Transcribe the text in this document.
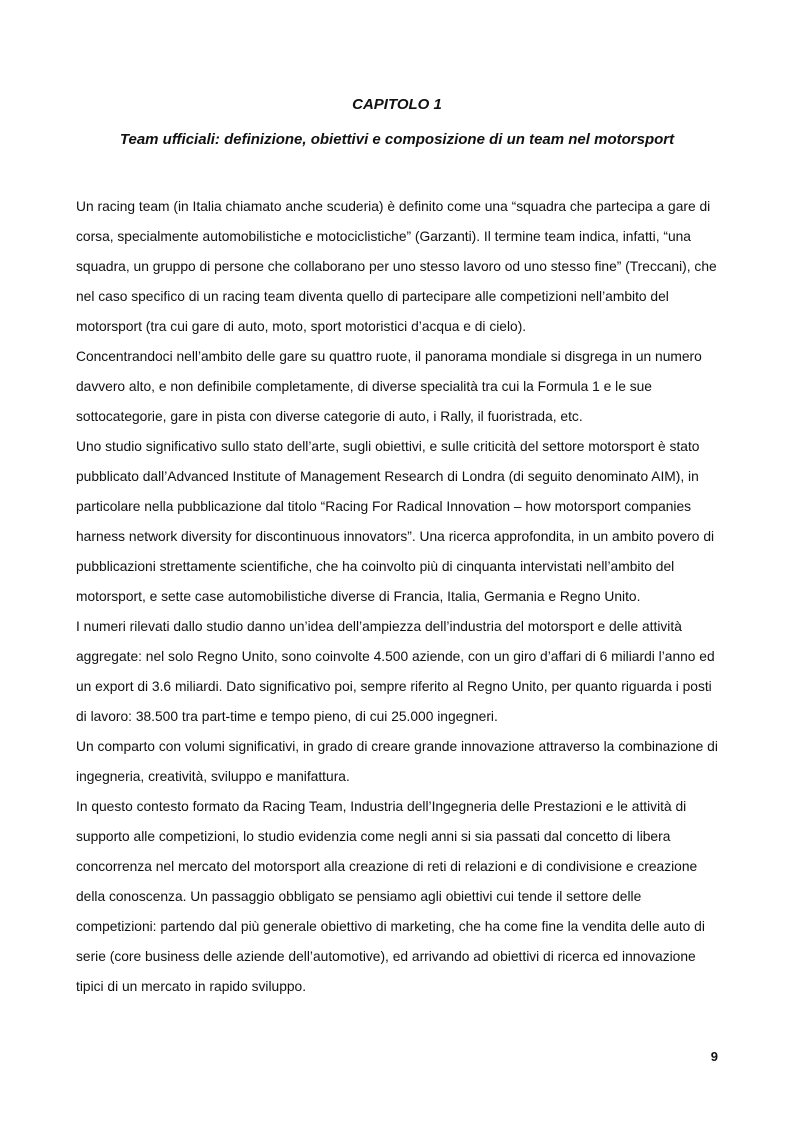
CAPITOLO 1
Team ufficiali: definizione, obiettivi e composizione di un team nel motorsport

Un racing team (in Italia chiamato anche scuderia) è definito come una “squadra che partecipa a gare di corsa, specialmente automobilistiche e motociclistiche” (Garzanti). Il termine team indica, infatti, “una squadra, un gruppo di persone che collaborano per uno stesso lavoro od uno stesso fine” (Treccani), che nel caso specifico di un racing team diventa quello di partecipare alle competizioni nell’ambito del motorsport (tra cui gare di auto, moto, sport motoristici d’acqua e di cielo).

Concentrandoci nell’ambito delle gare su quattro ruote, il panorama mondiale si disgrega in un numero davvero alto, e non definibile completamente, di diverse specialità tra cui la Formula 1 e le sue sottocategorie, gare in pista con diverse categorie di auto, i Rally, il fuoristrada, etc.

Uno studio significativo sullo stato dell’arte, sugli obiettivi, e sulle criticità del settore motorsport è stato pubblicato dall’Advanced Institute of Management Research di Londra (di seguito denominato AIM), in particolare nella pubblicazione dal titolo “Racing For Radical Innovation – how motorsport companies harness network diversity for discontinuous innovators”. Una ricerca approfondita, in un ambito povero di pubblicazioni strettamente scientifiche, che ha coinvolto più di cinquanta intervistati nell’ambito del motorsport, e sette case automobilistiche diverse di Francia, Italia, Germania e Regno Unito.

I numeri rilevati dallo studio danno un’idea dell’ampiezza dell’industria del motorsport e delle attività aggregate: nel solo Regno Unito, sono coinvolte 4.500 aziende, con un giro d’affari di 6 miliardi l’anno ed un export di 3.6 miliardi. Dato significativo poi, sempre riferito al Regno Unito, per quanto riguarda i posti di lavoro: 38.500 tra part-time e tempo pieno, di cui 25.000 ingegneri.

Un comparto con volumi significativi, in grado di creare grande innovazione attraverso la combinazione di ingegneria, creatività, sviluppo e manifattura.

In questo contesto formato da Racing Team, Industria dell’Ingegneria delle Prestazioni e le attività di supporto alle competizioni, lo studio evidenzia come negli anni si sia passati dal concetto di libera concorrenza nel mercato del motorsport alla creazione di reti di relazioni e di condivisione e creazione della conoscenza. Un passaggio obbligato se pensiamo agli obiettivi cui tende il settore delle competizioni: partendo dal più generale obiettivo di marketing, che ha come fine la vendita delle auto di serie (core business delle aziende dell’automotive), ed arrivando ad obiettivi di ricerca ed innovazione tipici di un mercato in rapido sviluppo.

9
